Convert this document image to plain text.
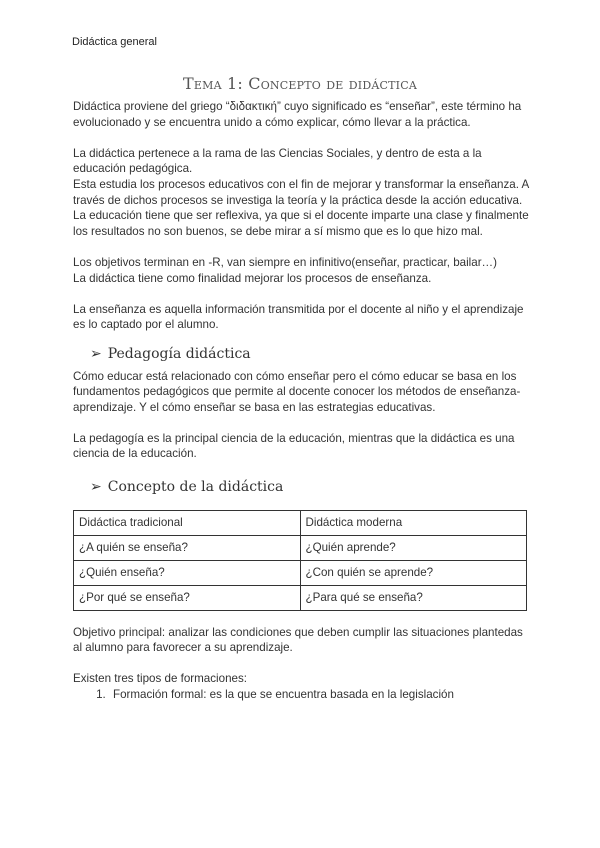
Didáctica general
Tema 1: Concepto de didáctica

Didáctica proviene del griego “διδακτική” cuyo significado es “enseñar”, este término ha evolucionado y se encuentra unido a cómo explicar, cómo llevar a la práctica.

La didáctica pertenece a la rama de las Ciencias Sociales, y dentro de esta a la educación pedagógica.

Esta estudia los procesos educativos con el fin de mejorar y transformar la enseñanza. A través de dichos procesos se investiga la teoría y la práctica desde la acción educativa.

La educación tiene que ser reflexiva, ya que si el docente imparte una clase y finalmente los resultados no son buenos, se debe mirar a sí mismo que es lo que hizo mal.

Los objetivos terminan en -R, van siempre en infinitivo(enseñar, practicar, bailar…)

La didáctica tiene como finalidad mejorar los procesos de enseñanza.

La enseñanza es aquella información transmitida por el docente al niño y el aprendizaje es lo captado por el alumno.

➢ Pedagogía didáctica

Cómo educar está relacionado con cómo enseñar pero el cómo educar se basa en los fundamentos pedagógicos que permite al docente conocer los métodos de enseñanza-aprendizaje. Y el cómo enseñar se basa en las estrategias educativas.

La pedagogía es la principal ciencia de la educación, mientras que la didáctica es una ciencia de la educación.

➢ Concepto de la didáctica
Didáctica tradicional	Didáctica moderna
¿A quién se enseña?	¿Quién aprende?
¿Quién enseña?	¿Con quién se aprende?
¿Por qué se enseña?	¿Para qué se enseña?

Objetivo principal: analizar las condiciones que deben cumplir las situaciones plantedas al alumno para favorecer a su aprendizaje.

Existen tres tipos de formaciones:

1. Formación formal: es la que se encuentra basada en la legislación
